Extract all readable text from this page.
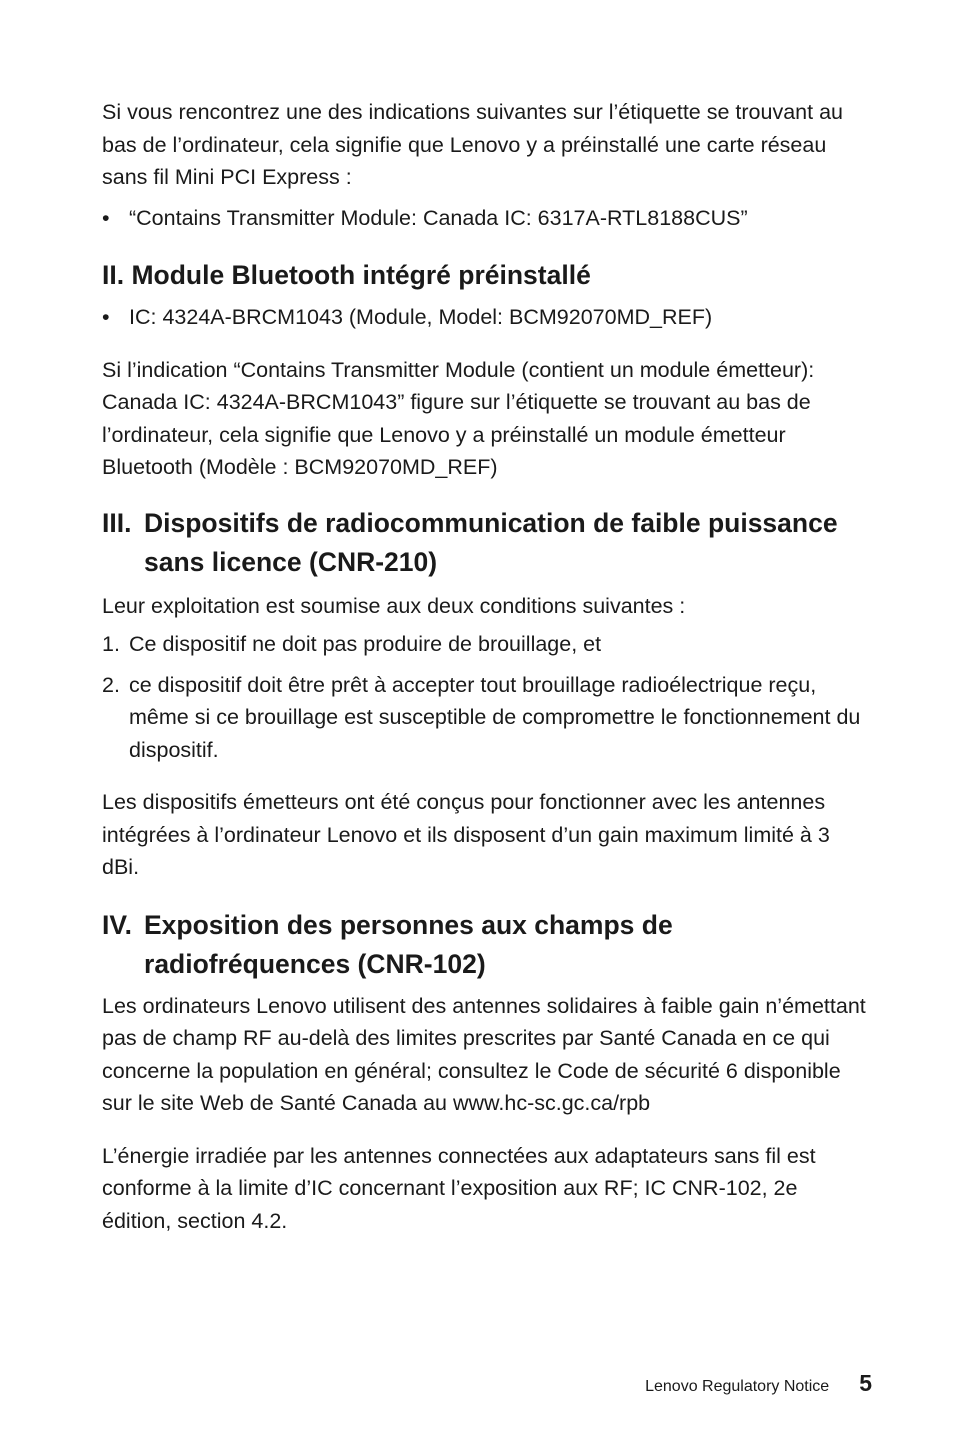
Si vous rencontrez une des indications suivantes sur l’étiquette se trouvant au bas de l’ordinateur, cela signifie que Lenovo y a préinstallé une carte réseau sans fil Mini PCI Express :

• “Contains Transmitter Module: Canada IC: 6317A-RTL8188CUS”
II. Module Bluetooth intégré préinstallé
• IC: 4324A-BRCM1043 (Module, Model: BCM92070MD_REF)

Si l’indication “Contains Transmitter Module (contient un module émetteur): Canada IC: 4324A-BRCM1043” figure sur l’étiquette se trouvant au bas de l’ordinateur, cela signifie que Lenovo y a préinstallé un module émetteur Bluetooth (Modèle : BCM92070MD_REF)

III. Dispositifs de radiocommunication de faible puissance sans licence (CNR-210)

Leur exploitation est soumise aux deux conditions suivantes :

1. Ce dispositif ne doit pas produire de brouillage, et
2. ce dispositif doit être prêt à accepter tout brouillage radioélectrique reçu, même si ce brouillage est susceptible de compromettre le fonctionnement du dispositif.

Les dispositifs émetteurs ont été conçus pour fonctionner avec les antennes intégrées à l’ordinateur Lenovo et ils disposent d’un gain maximum limité à 3 dBi.

IV. Exposition des personnes aux champs de radiofréquences (CNR-102)

Les ordinateurs Lenovo utilisent des antennes solidaires à faible gain n’émettant pas de champ RF au-delà des limites prescrites par Santé Canada en ce qui concerne la population en général; consultez le Code de sécurité 6 disponible sur le site Web de Santé Canada au www.hc-sc.gc.ca/rpb

L’énergie irradiée par les antennes connectées aux adaptateurs sans fil est conforme à la limite d’IC concernant l’exposition aux RF; IC CNR-102, 2e édition, section 4.2.

Lenovo Regulatory Notice 5
